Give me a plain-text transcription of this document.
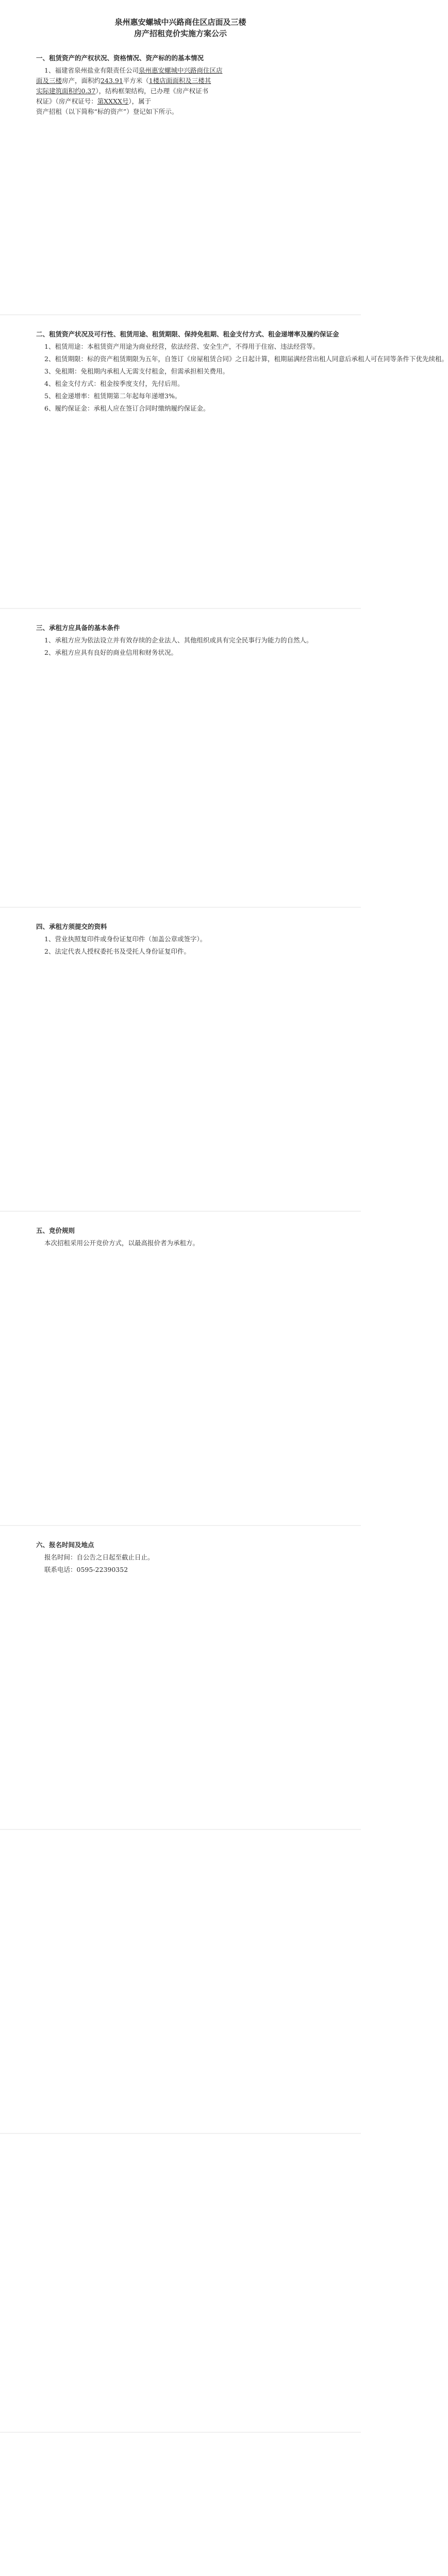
泉州惠安螺城中兴路商住区店面及三楼
房产招租竞价实施方案公示
一、租赁资产的产权状况、资格情况、资产标的的基本情况
1、福建省泉州盐业有限责任公司泉州惠安螺城中兴路商住区店
面及三楼房产，面积约243.91平方米（1楼店面面积及三楼其
实际建筑面积约0.37），结构框架结构，已办理《房产权证书
权证》（房产权证号：第XXXX号），属于
资产招租（以下简称“标的资产”）登记如下所示。
二、租赁资产状况及可行性、租赁用途、租赁期限、保持免租期、租金支付方式、租金递增率及履约保证金
1、租赁用途：本租赁资产用途为商业经营，依法经营、安全生产，不得用于住宿、违法经营等。
2、租赁期限：标的资产租赁期限为五年，自签订《房屋租赁合同》之日起计算，租期届满经营出租人同意后承租人可在同等条件下优先续租。
3、免租期：免租期内承租人无需支付租金，但需承担相关费用。
4、租金支付方式：租金按季度支付，先付后用。
5、租金递增率：租赁期第二年起每年递增3%。
6、履约保证金：承租人应在签订合同时缴纳履约保证金。
三、承租方应具备的基本条件
1、承租方应为依法设立并有效存续的企业法人、其他组织或具有完全民事行为能力的自然人。
2、承租方应具有良好的商业信用和财务状况。
四、承租方须提交的资料
1、营业执照复印件或身份证复印件（加盖公章或签字）。
2、法定代表人授权委托书及受托人身份证复印件。
五、竞价规则
本次招租采用公开竞价方式，以最高报价者为承租方。
六、报名时间及地点
报名时间：自公告之日起至截止日止。
联系电话：0595-22390352
